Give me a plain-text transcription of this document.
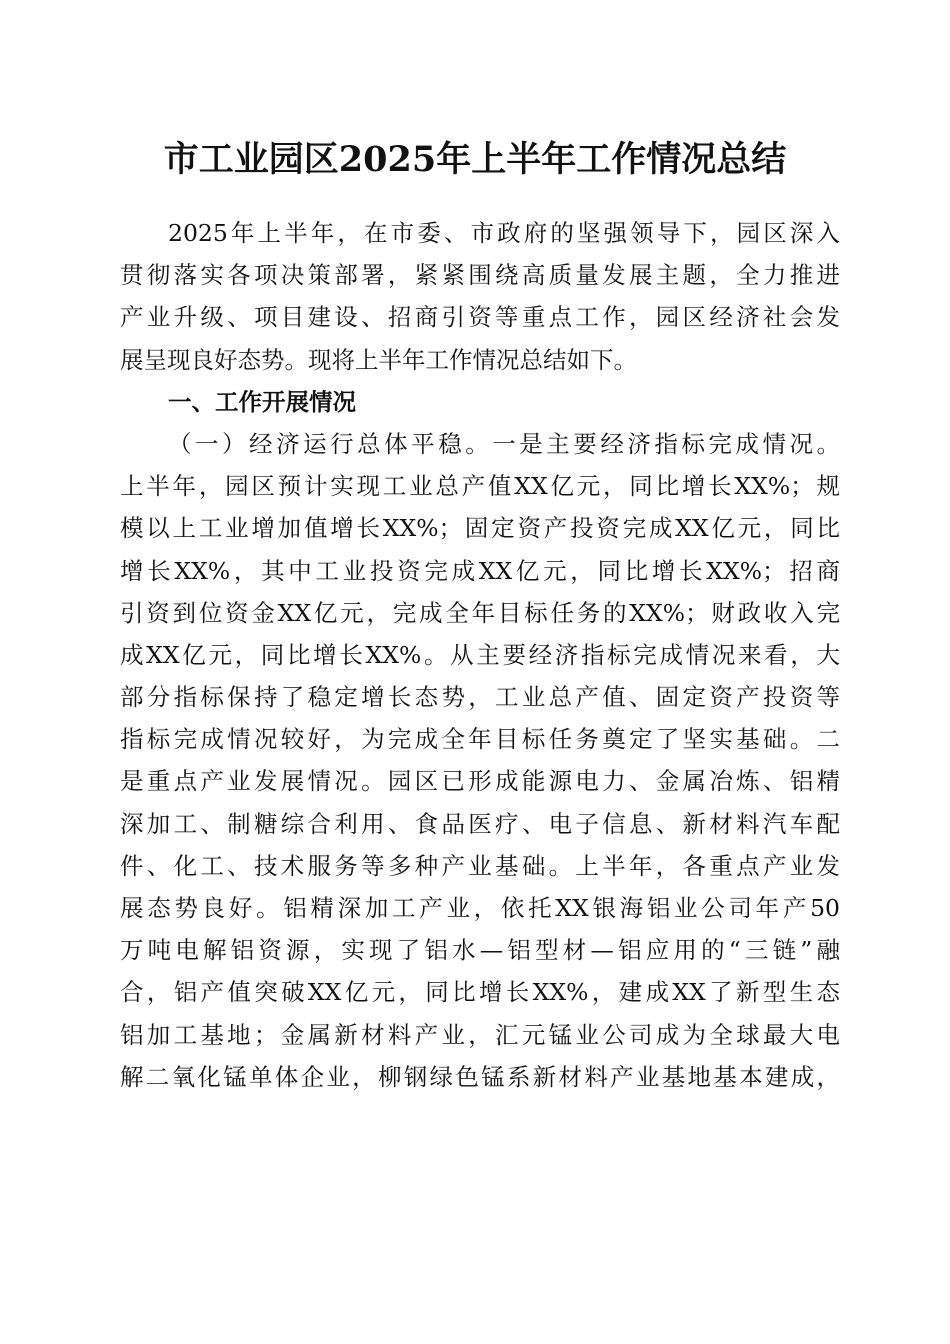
市工业园区2025年上半年工作情况总结
2025年上半年，在市委、市政府的坚强领导下，园区深入
贯彻落实各项决策部署，紧紧围绕高质量发展主题，全力推进
产业升级、项目建设、招商引资等重点工作，园区经济社会发
展呈现良好态势。现将上半年工作情况总结如下。
一、工作开展情况
（一）经济运行总体平稳。一是主要经济指标完成情况。
上半年，园区预计实现工业总产值XX亿元，同比增长XX%；规
模以上工业增加值增长XX%；固定资产投资完成XX亿元，同比
增长XX%，其中工业投资完成XX亿元，同比增长XX%；招商
引资到位资金XX亿元，完成全年目标任务的XX%；财政收入完
成XX亿元，同比增长XX%。从主要经济指标完成情况来看，大
部分指标保持了稳定增长态势，工业总产值、固定资产投资等
指标完成情况较好，为完成全年目标任务奠定了坚实基础。二
是重点产业发展情况。园区已形成能源电力、金属冶炼、铝精
深加工、制糖综合利用、食品医疗、电子信息、新材料汽车配
件、化工、技术服务等多种产业基础。上半年，各重点产业发
展态势良好。铝精深加工产业，依托XX银海铝业公司年产50
万吨电解铝资源，实现了铝水—铝型材—铝应用的“三链”融
合，铝产值突破XX亿元，同比增长XX%，建成XX了新型生态
铝加工基地；金属新材料产业，汇元锰业公司成为全球最大电
解二氧化锰单体企业，柳钢绿色锰系新材料产业基地基本建成，
